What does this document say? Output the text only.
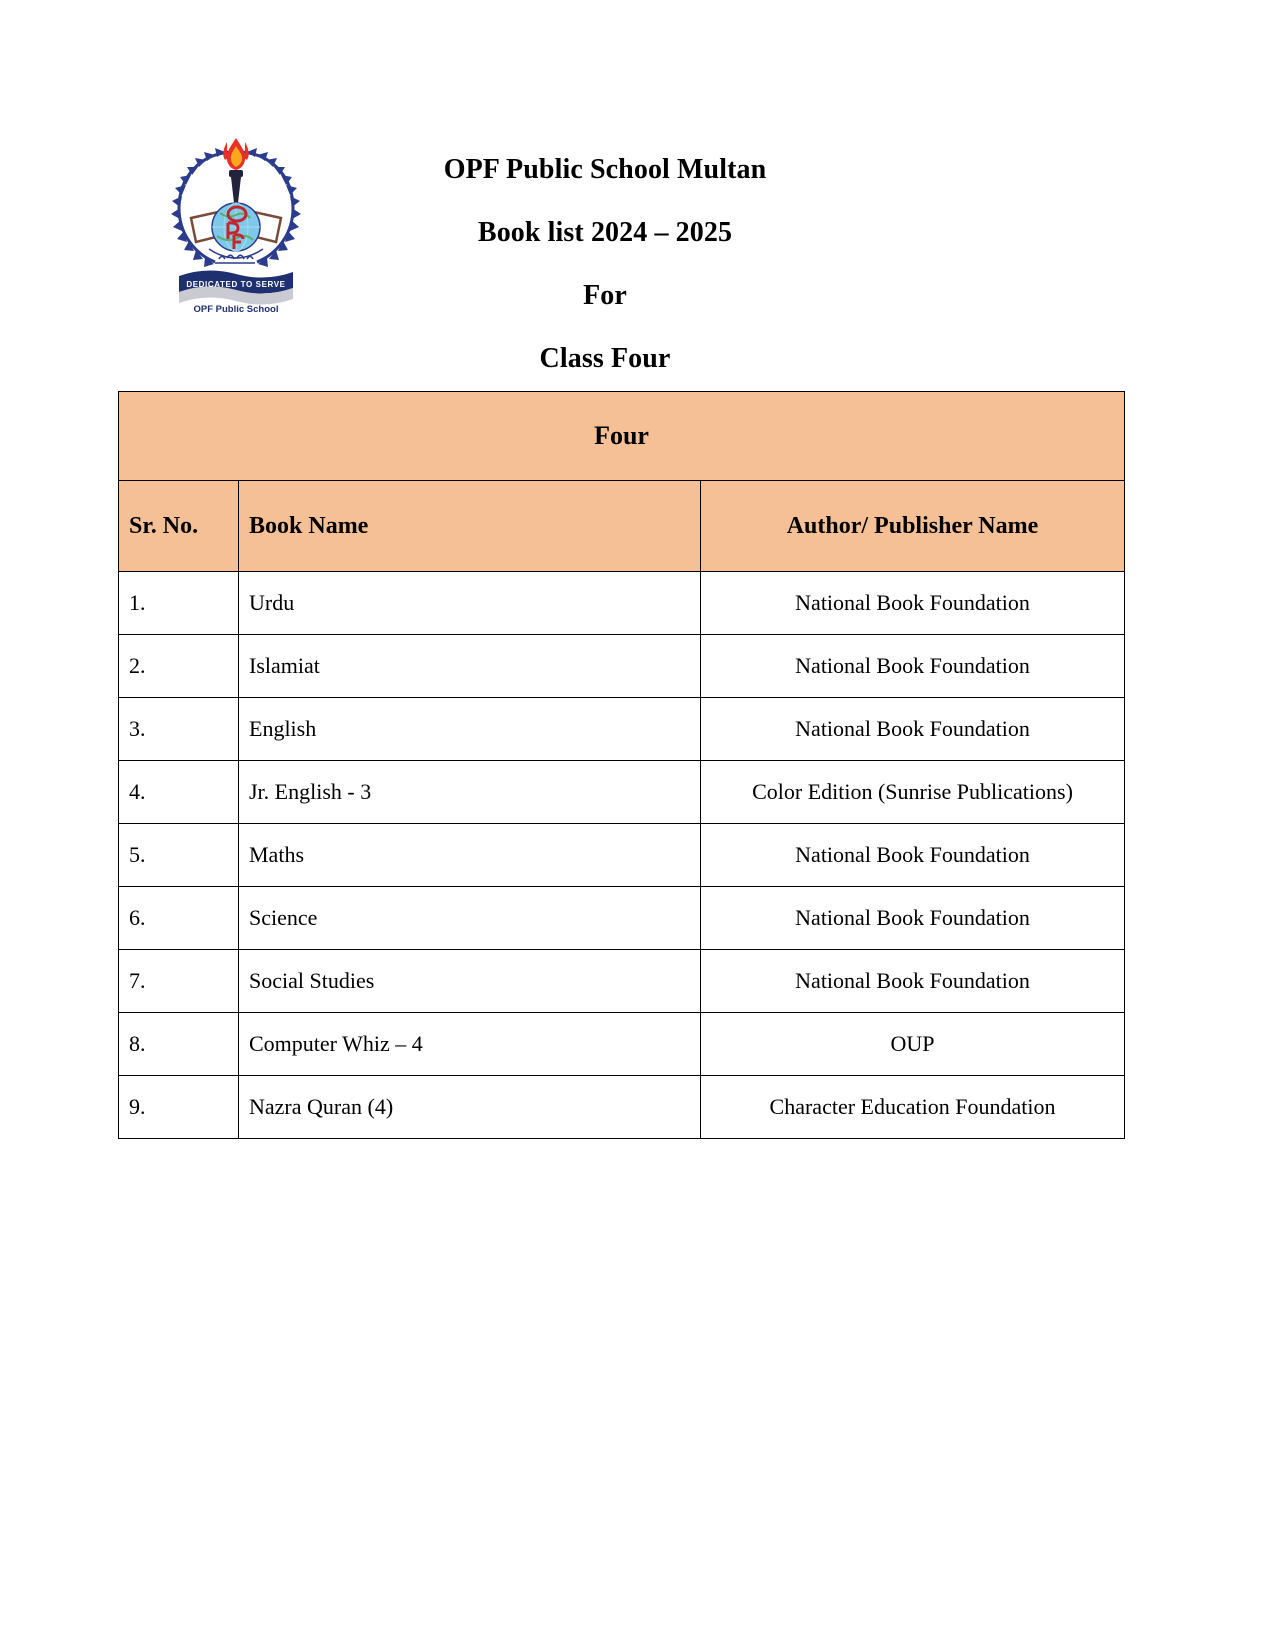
DEDICATED TO SERVE
OPF Public School
OPF Public School Multan
Book list 2024 – 2025
For
Class Four
Four		
Sr. No.	Book Name	Author/ Publisher Name
1.	Urdu	National Book Foundation
2.	Islamiat	National Book Foundation
3.	English	National Book Foundation
4.	Jr. English - 3	Color Edition (Sunrise Publications)
5.	Maths	National Book Foundation
6.	Science	National Book Foundation
7.	Social Studies	National Book Foundation
8.	Computer Whiz – 4	OUP
9.	Nazra Quran (4)	Character Education Foundation
